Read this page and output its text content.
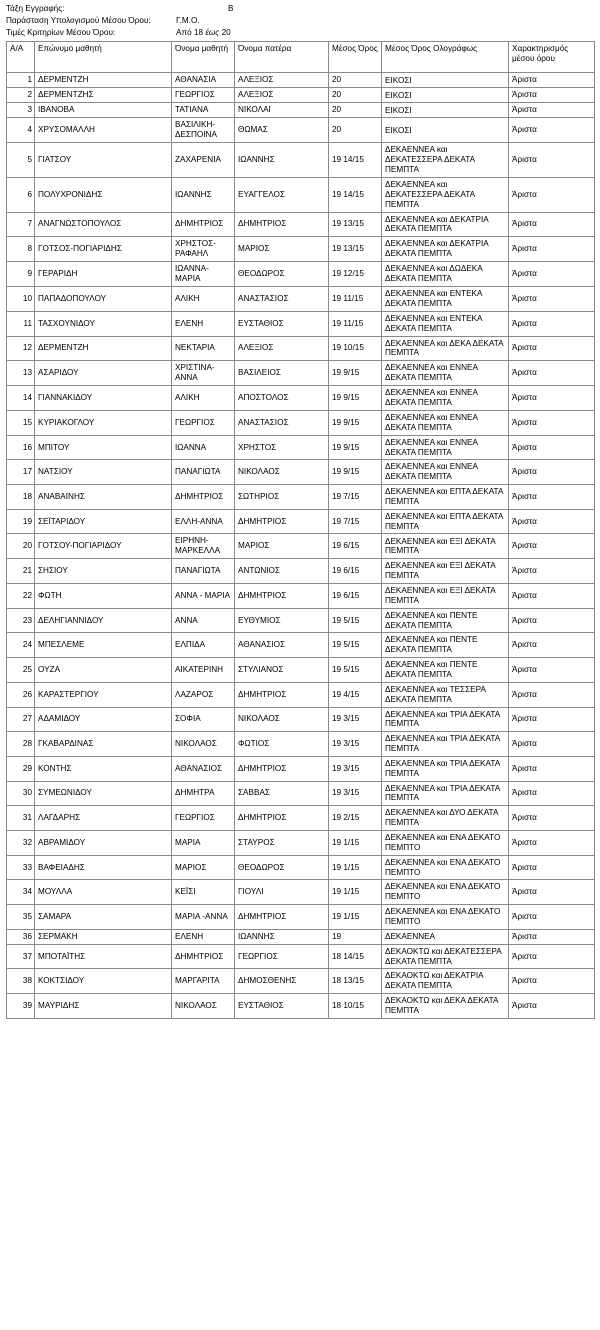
Τάξη Εγγραφής:	Β
Παράσταση Υπολογισμού Μέσου Όρου:	Γ.Μ.Ο.
Τιμές Κριτηρίων Μέσου Όρου:	Από 18 έως 20
Α/Α	Επώνυμο μαθητή	Όνομα μαθητή	Όνομα πατέρα	Μέσος Όρος	Μέσος Όρος Ολογράφως	Χαρακτηρισμός μέσου όρου
1	ΔΕΡΜΕΝΤΖΗ	ΑΘΑΝΑΣΙΑ	ΑΛΕΞΙΟΣ	20	ΕΙΚΟΣΙ	Άριστα
2	ΔΕΡΜΕΝΤΖΗΣ	ΓΕΩΡΓΙΟΣ	ΑΛΕΞΙΟΣ	20	ΕΙΚΟΣΙ	Άριστα
3	ΙΒΑΝΟΒΑ	ΤΑΤΙΑΝΑ	ΝΙΚΟΛΑΙ	20	ΕΙΚΟΣΙ	Άριστα
4	ΧΡΥΣΟΜΑΛΛΗ	ΒΑΣΙΛΙΚΗ-ΔΕΣΠΟΙΝΑ	ΘΩΜΑΣ	20	ΕΙΚΟΣΙ	Άριστα
5	ΓΙΑΤΣΟΥ	ΖΑΧΑΡΕΝΙΑ	ΙΩΑΝΝΗΣ	19 14/15	ΔΕΚΑΕΝΝΕΑ και ΔΕΚΑΤΕΣΣΕΡΑ ΔΕΚΑΤΑ ΠΕΜΠΤΑ	Άριστα
6	ΠΟΛΥΧΡΟΝΙΔΗΣ	ΙΩΑΝΝΗΣ	ΕΥΑΓΓΕΛΟΣ	19 14/15	ΔΕΚΑΕΝΝΕΑ και ΔΕΚΑΤΕΣΣΕΡΑ ΔΕΚΑΤΑ ΠΕΜΠΤΑ	Άριστα
7	ΑΝΑΓΝΩΣΤΟΠΟΥΛΟΣ	ΔΗΜΗΤΡΙΟΣ	ΔΗΜΗΤΡΙΟΣ	19 13/15	ΔΕΚΑΕΝΝΕΑ και ΔΕΚΑΤΡΙΑ ΔΕΚΑΤΑ ΠΕΜΠΤΑ	Άριστα
8	ΓΟΤΣΟΣ-ΠΟΓΙΑΡΙΔΗΣ	ΧΡΗΣΤΟΣ-ΡΑΦΑΗΛ	ΜΑΡΙΟΣ	19 13/15	ΔΕΚΑΕΝΝΕΑ και ΔΕΚΑΤΡΙΑ ΔΕΚΑΤΑ ΠΕΜΠΤΑ	Άριστα
9	ΓΕΡΑΡΙΔΗ	ΙΩΑΝΝΑ-ΜΑΡΙΑ	ΘΕΟΔΩΡΟΣ	19 12/15	ΔΕΚΑΕΝΝΕΑ και ΔΩΔΕΚΑ ΔΕΚΑΤΑ ΠΕΜΠΤΑ	Άριστα
10	ΠΑΠΑΔΟΠΟΥΛΟΥ	ΑΛΙΚΗ	ΑΝΑΣΤΑΣΙΟΣ	19 11/15	ΔΕΚΑΕΝΝΕΑ και ΕΝΤΕΚΑ ΔΕΚΑΤΑ ΠΕΜΠΤΑ	Άριστα
11	ΤΑΣΧΟΥΝΙΔΟΥ	ΕΛΕΝΗ	ΕΥΣΤΑΘΙΟΣ	19 11/15	ΔΕΚΑΕΝΝΕΑ και ΕΝΤΕΚΑ ΔΕΚΑΤΑ ΠΕΜΠΤΑ	Άριστα
12	ΔΕΡΜΕΝΤΖΗ	ΝΕΚΤΑΡΙΑ	ΑΛΕΞΙΟΣ	19 10/15	ΔΕΚΑΕΝΝΕΑ και ΔΕΚΑ ΔΕΚΑΤΑ ΠΕΜΠΤΑ	Άριστα
13	ΑΣΑΡΙΔΟΥ	ΧΡΙΣΤΙΝΑ-ΑΝΝΑ	ΒΑΣΙΛΕΙΟΣ	19 9/15	ΔΕΚΑΕΝΝΕΑ και ΕΝΝΕΑ ΔΕΚΑΤΑ ΠΕΜΠΤΑ	Άριστα
14	ΓΙΑΝΝΑΚΙΔΟΥ	ΑΛΙΚΗ	ΑΠΟΣΤΟΛΟΣ	19 9/15	ΔΕΚΑΕΝΝΕΑ και ΕΝΝΕΑ ΔΕΚΑΤΑ ΠΕΜΠΤΑ	Άριστα
15	ΚΥΡΙΑΚΟΓΛΟΥ	ΓΕΩΡΓΙΟΣ	ΑΝΑΣΤΑΣΙΟΣ	19 9/15	ΔΕΚΑΕΝΝΕΑ και ΕΝΝΕΑ ΔΕΚΑΤΑ ΠΕΜΠΤΑ	Άριστα
16	ΜΠΙΤΟΥ	ΙΩΑΝΝΑ	ΧΡΗΣΤΟΣ	19 9/15	ΔΕΚΑΕΝΝΕΑ και ΕΝΝΕΑ ΔΕΚΑΤΑ ΠΕΜΠΤΑ	Άριστα
17	ΝΑΤΣΙΟΥ	ΠΑΝΑΓΙΩΤΑ	ΝΙΚΟΛΑΟΣ	19 9/15	ΔΕΚΑΕΝΝΕΑ και ΕΝΝΕΑ ΔΕΚΑΤΑ ΠΕΜΠΤΑ	Άριστα
18	ΑΝΑΒΑΙΝΗΣ	ΔΗΜΗΤΡΙΟΣ	ΣΩΤΗΡΙΟΣ	19 7/15	ΔΕΚΑΕΝΝΕΑ και ΕΠΤΑ ΔΕΚΑΤΑ ΠΕΜΠΤΑ	Άριστα
19	ΣΕΪΤΑΡΙΔΟΥ	ΕΛΛΗ-ΑΝΝΑ	ΔΗΜΗΤΡΙΟΣ	19 7/15	ΔΕΚΑΕΝΝΕΑ και ΕΠΤΑ ΔΕΚΑΤΑ ΠΕΜΠΤΑ	Άριστα
20	ΓΟΤΣΟΥ-ΠΟΓΙΑΡΙΔΟΥ	ΕΙΡΗΝΗ-ΜΑΡΚΕΛΛΑ	ΜΑΡΙΟΣ	19 6/15	ΔΕΚΑΕΝΝΕΑ και ΕΞΙ ΔΕΚΑΤΑ ΠΕΜΠΤΑ	Άριστα
21	ΣΗΣΙΟΥ	ΠΑΝΑΓΙΩΤΑ	ΑΝΤΩΝΙΟΣ	19 6/15	ΔΕΚΑΕΝΝΕΑ και ΕΞΙ ΔΕΚΑΤΑ ΠΕΜΠΤΑ	Άριστα
22	ΦΩΤΗ	ΑΝΝΑ - ΜΑΡΙΑ	ΔΗΜΗΤΡΙΟΣ	19 6/15	ΔΕΚΑΕΝΝΕΑ και ΕΞΙ ΔΕΚΑΤΑ ΠΕΜΠΤΑ	Άριστα
23	ΔΕΛΗΓΙΑΝΝΙΔΟΥ	ΑΝΝΑ	ΕΥΘΥΜΙΟΣ	19 5/15	ΔΕΚΑΕΝΝΕΑ και ΠΕΝΤΕ ΔΕΚΑΤΑ ΠΕΜΠΤΑ	Άριστα
24	ΜΠΕΣΛΕΜΕ	ΕΛΠΙΔΑ	ΑΘΑΝΑΣΙΟΣ	19 5/15	ΔΕΚΑΕΝΝΕΑ και ΠΕΝΤΕ ΔΕΚΑΤΑ ΠΕΜΠΤΑ	Άριστα
25	ΟΥΖΑ	ΑΙΚΑΤΕΡΙΝΗ	ΣΤΥΛΙΑΝΟΣ	19 5/15	ΔΕΚΑΕΝΝΕΑ και ΠΕΝΤΕ ΔΕΚΑΤΑ ΠΕΜΠΤΑ	Άριστα
26	ΚΑΡΑΣΤΕΡΓΙΟΥ	ΛΑΖΑΡΟΣ	ΔΗΜΗΤΡΙΟΣ	19 4/15	ΔΕΚΑΕΝΝΕΑ και ΤΕΣΣΕΡΑ ΔΕΚΑΤΑ ΠΕΜΠΤΑ	Άριστα
27	ΑΔΑΜΙΔΟΥ	ΣΟΦΙΑ	ΝΙΚΟΛΑΟΣ	19 3/15	ΔΕΚΑΕΝΝΕΑ και ΤΡΙΑ ΔΕΚΑΤΑ ΠΕΜΠΤΑ	Άριστα
28	ΓΚΑΒΑΡΔΙΝΑΣ	ΝΙΚΟΛΑΟΣ	ΦΩΤΙΟΣ	19 3/15	ΔΕΚΑΕΝΝΕΑ και ΤΡΙΑ ΔΕΚΑΤΑ ΠΕΜΠΤΑ	Άριστα
29	ΚΟΝΤΗΣ	ΑΘΑΝΑΣΙΟΣ	ΔΗΜΗΤΡΙΟΣ	19 3/15	ΔΕΚΑΕΝΝΕΑ και ΤΡΙΑ ΔΕΚΑΤΑ ΠΕΜΠΤΑ	Άριστα
30	ΣΥΜΕΩΝΙΔΟΥ	ΔΗΜΗΤΡΑ	ΣΑΒΒΑΣ	19 3/15	ΔΕΚΑΕΝΝΕΑ και ΤΡΙΑ ΔΕΚΑΤΑ ΠΕΜΠΤΑ	Άριστα
31	ΛΑΓΔΑΡΗΣ	ΓΕΩΡΓΙΟΣ	ΔΗΜΗΤΡΙΟΣ	19 2/15	ΔΕΚΑΕΝΝΕΑ και ΔΥΟ ΔΕΚΑΤΑ ΠΕΜΠΤΑ	Άριστα
32	ΑΒΡΑΜΙΔΟΥ	ΜΑΡΙΑ	ΣΤΑΥΡΟΣ	19 1/15	ΔΕΚΑΕΝΝΕΑ και ΕΝΑ ΔΕΚΑΤΟ ΠΕΜΠΤΟ	Άριστα
33	ΒΑΦΕΙΑΔΗΣ	ΜΑΡΙΟΣ	ΘΕΟΔΩΡΟΣ	19 1/15	ΔΕΚΑΕΝΝΕΑ και ΕΝΑ ΔΕΚΑΤΟ ΠΕΜΠΤΟ	Άριστα
34	ΜΟΥΛΛΑ	ΚΕΪΣΙ	ΓΙΟΥΛΙ	19 1/15	ΔΕΚΑΕΝΝΕΑ και ΕΝΑ ΔΕΚΑΤΟ ΠΕΜΠΤΟ	Άριστα
35	ΣΑΜΑΡΑ	ΜΑΡΙΑ -ΑΝΝΑ	ΔΗΜΗΤΡΙΟΣ	19 1/15	ΔΕΚΑΕΝΝΕΑ και ΕΝΑ ΔΕΚΑΤΟ ΠΕΜΠΤΟ	Άριστα
36	ΣΕΡΜΑΚΗ	ΕΛΕΝΗ	ΙΩΑΝΝΗΣ	19	ΔΕΚΑΕΝΝΕΑ	Άριστα
37	ΜΠΟΤΑΪΤΗΣ	ΔΗΜΗΤΡΙΟΣ	ΓΕΩΡΓΙΟΣ	18 14/15	ΔΕΚΑΟΚΤΩ και ΔΕΚΑΤΕΣΣΕΡΑ ΔΕΚΑΤΑ ΠΕΜΠΤΑ	Άριστα
38	ΚΟΚΤΣΙΔΟΥ	ΜΑΡΓΑΡΙΤΑ	ΔΗΜΟΣΘΕΝΗΣ	18 13/15	ΔΕΚΑΟΚΤΩ και ΔΕΚΑΤΡΙΑ ΔΕΚΑΤΑ ΠΕΜΠΤΑ	Άριστα
39	ΜΑΥΡΙΔΗΣ	ΝΙΚΟΛΑΟΣ	ΕΥΣΤΑΘΙΟΣ	18 10/15	ΔΕΚΑΟΚΤΩ και ΔΕΚΑ ΔΕΚΑΤΑ ΠΕΜΠΤΑ	Άριστα
